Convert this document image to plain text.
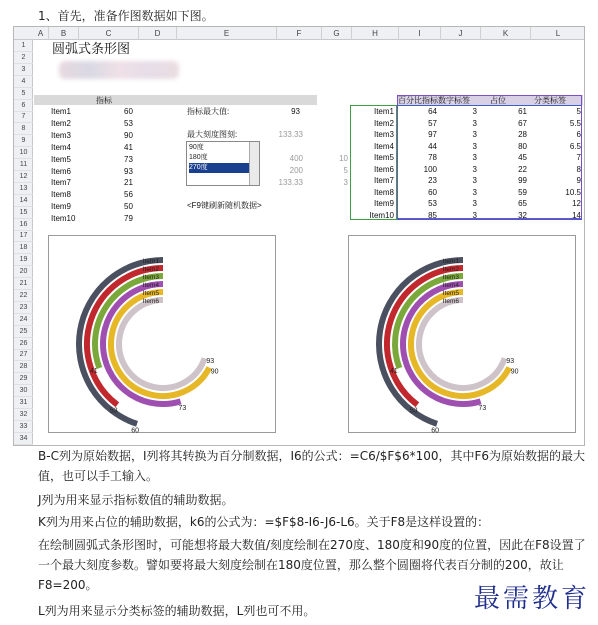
1、首先，准备作图数据如下图。
A	B	C	D	E	F	G	H	I	J	K	L
1
2
3
4
5
6
7
8
9
10
11
12
13
14
15
16
17
18
19
20
21
22
23
24
25
26
27
28
29
30
31
32
33
34
圆弧式条形图
指标
Item1	60
Item2	53
Item3	90
Item4	41
Item5	73
Item6	93
Item7	21
Item8	56
Item9	50
Item10	79
指标最大值:	93
最大刻度图刻:	133.33
90度
180度
270度
400
200
133.33
10
5
3
<F9键刷新随机数据>
百分比指标 数字标签	占位	分类标签
Item1	64	3	61	5
Item2	57	3	67	5.5
Item3	97	3	28	6
Item4	44	3	80	6.5
Item5	78	3	45	7
Item6	100	3	22	8
Item7	23	3	99	9
Item8	60	3	59	10.5
Item9	53	3	65	12
Item10	85	3	32	14
Item1
60
Item2
53
Item3
41
Item4
73
Item5
90
Item6
93
Item1
60
Item2
53
Item3
41
Item4
73
Item5
90
Item6
93
B-C列为原始数据，I列将其转换为百分制数据，I6的公式：=C6/$F$6*100，其中F6为原始数据的最大值，也可以手工输入。
J列为用来显示指标数值的辅助数据。
K列为用来占位的辅助数据，k6的公式为：=$F$8-I6-J6-L6。关于F8是这样设置的：
在绘制圆弧式条形图时，可能想将最大数值/刻度绘制在270度、180度和90度的位置，因此在F8设置了一个最大刻度参数。譬如要将最大刻度绘制在180度位置，那么整个圆圈将代表百分制的200，故让F8=200。
L列为用来显示分类标签的辅助数据，L列也可不用。	最需教育
